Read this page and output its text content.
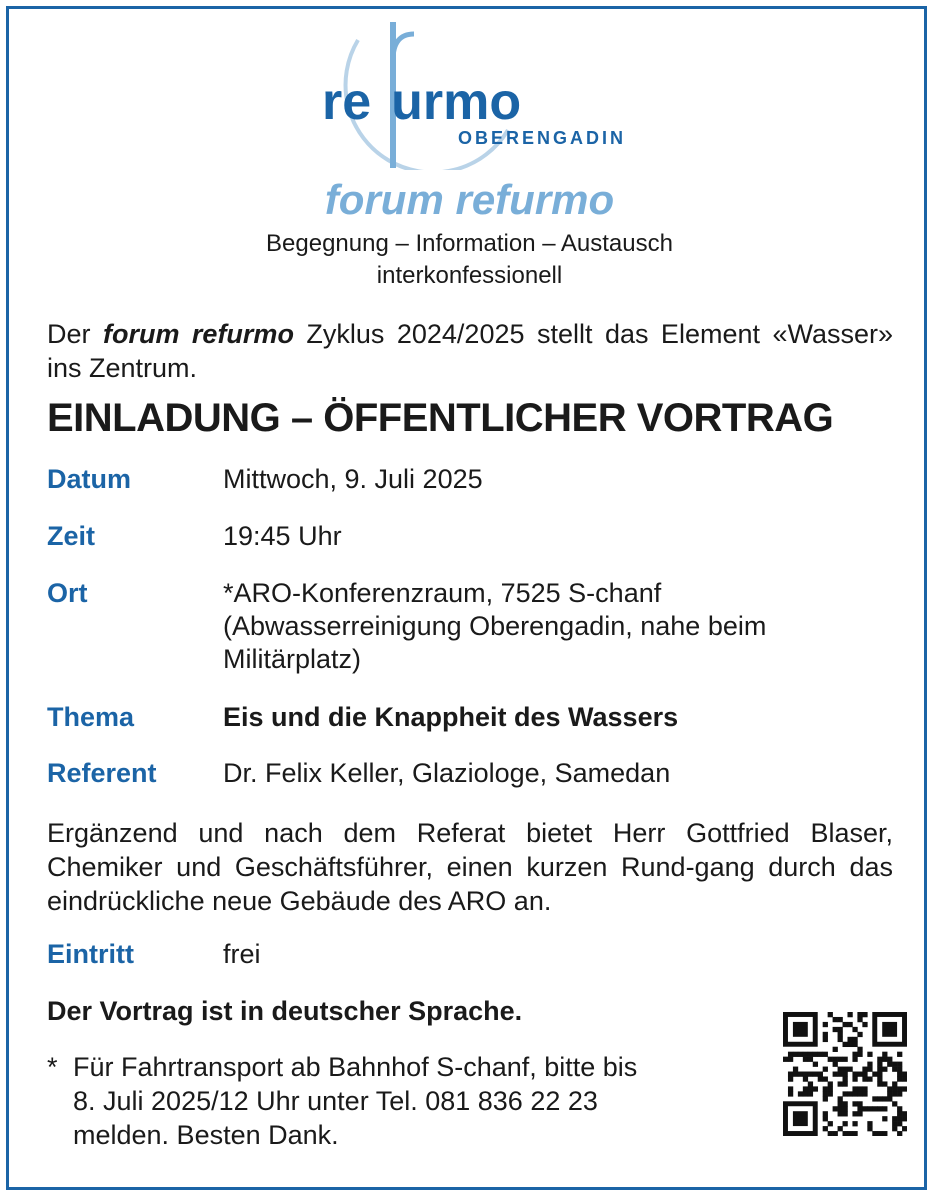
re urmo
OBERENGADIN
forum refurmo
Begegnung – Information – Austausch
interkonfessionell
Der forum refurmo Zyklus 2024/2025 stellt das Element «Wasser» ins Zentrum.
EINLADUNG – ÖFFENTLICHER VORTRAG
Datum	Mittwoch, 9. Juli 2025
Zeit	19:45 Uhr
Ort	*ARO-Konferenzraum, 7525 S-chanf
(Abwasserreinigung Oberengadin, nahe beim
Militärplatz)
Thema	Eis und die Knappheit des Wassers
Referent Dr. Felix Keller, Glaziologe, Samedan
Ergänzend und nach dem Referat bietet Herr Gottfried Blaser, Chemiker und Geschäftsführer, einen kurzen Rund-gang durch das eindrückliche neue Gebäude des ARO an.
Eintritt	frei
Der Vortrag ist in deutscher Sprache.
* Für Fahrtransport ab Bahnhof S-chanf, bitte bis
8. Juli 2025/12 Uhr unter Tel. 081 836 22 23
melden. Besten Dank.
